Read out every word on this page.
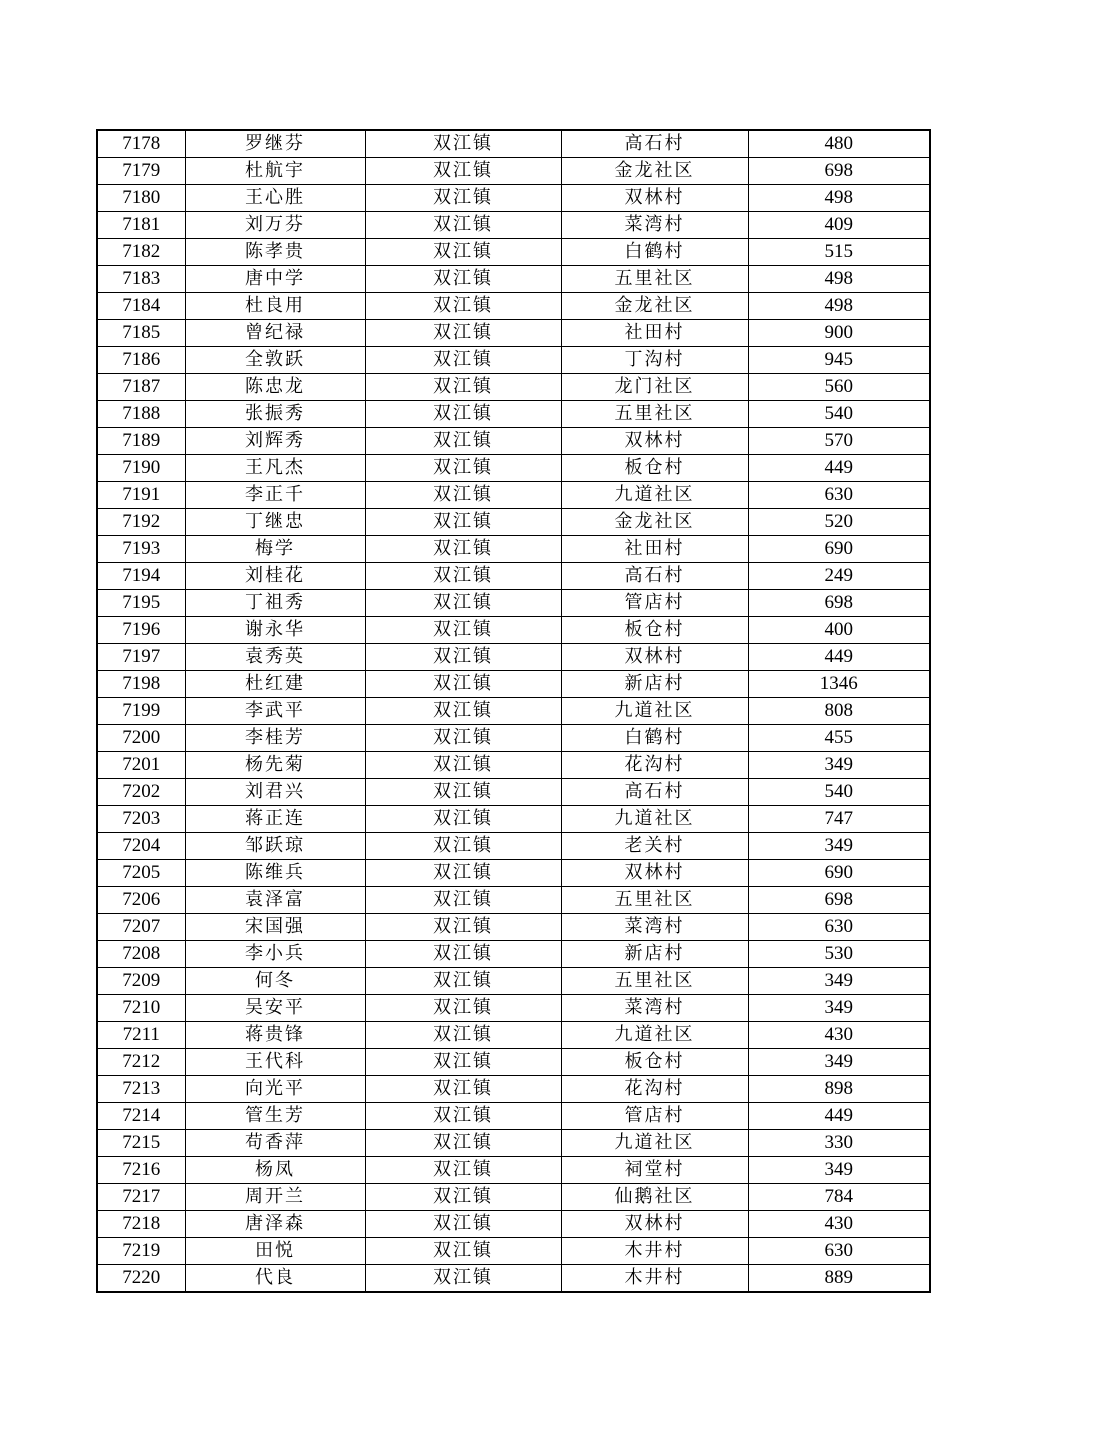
7178	罗继芬	双江镇	高石村	480
7179	杜航宇	双江镇	金龙社区	698
7180	王心胜	双江镇	双林村	498
7181	刘万芬	双江镇	菜湾村	409
7182	陈孝贵	双江镇	白鹤村	515
7183	唐中学	双江镇	五里社区	498
7184	杜良用	双江镇	金龙社区	498
7185	曾纪禄	双江镇	社田村	900
7186	全敦跃	双江镇	丁沟村	945
7187	陈忠龙	双江镇	龙门社区	560
7188	张振秀	双江镇	五里社区	540
7189	刘辉秀	双江镇	双林村	570
7190	王凡杰	双江镇	板仓村	449
7191	李正千	双江镇	九道社区	630
7192	丁继忠	双江镇	金龙社区	520
7193	梅学	双江镇	社田村	690
7194	刘桂花	双江镇	高石村	249
7195	丁祖秀	双江镇	管店村	698
7196	谢永华	双江镇	板仓村	400
7197	袁秀英	双江镇	双林村	449
7198	杜红建	双江镇	新店村	1346
7199	李武平	双江镇	九道社区	808
7200	李桂芳	双江镇	白鹤村	455
7201	杨先菊	双江镇	花沟村	349
7202	刘君兴	双江镇	高石村	540
7203	蒋正连	双江镇	九道社区	747
7204	邹跃琼	双江镇	老关村	349
7205	陈维兵	双江镇	双林村	690
7206	袁泽富	双江镇	五里社区	698
7207	宋国强	双江镇	菜湾村	630
7208	李小兵	双江镇	新店村	530
7209	何冬	双江镇	五里社区	349
7210	吴安平	双江镇	菜湾村	349
7211	蒋贵锋	双江镇	九道社区	430
7212	王代科	双江镇	板仓村	349
7213	向光平	双江镇	花沟村	898
7214	管生芳	双江镇	管店村	449
7215	苟香萍	双江镇	九道社区	330
7216	杨凤	双江镇	祠堂村	349
7217	周开兰	双江镇	仙鹅社区	784
7218	唐泽森	双江镇	双林村	430
7219	田悦	双江镇	木井村	630
7220	代良	双江镇	木井村	889
